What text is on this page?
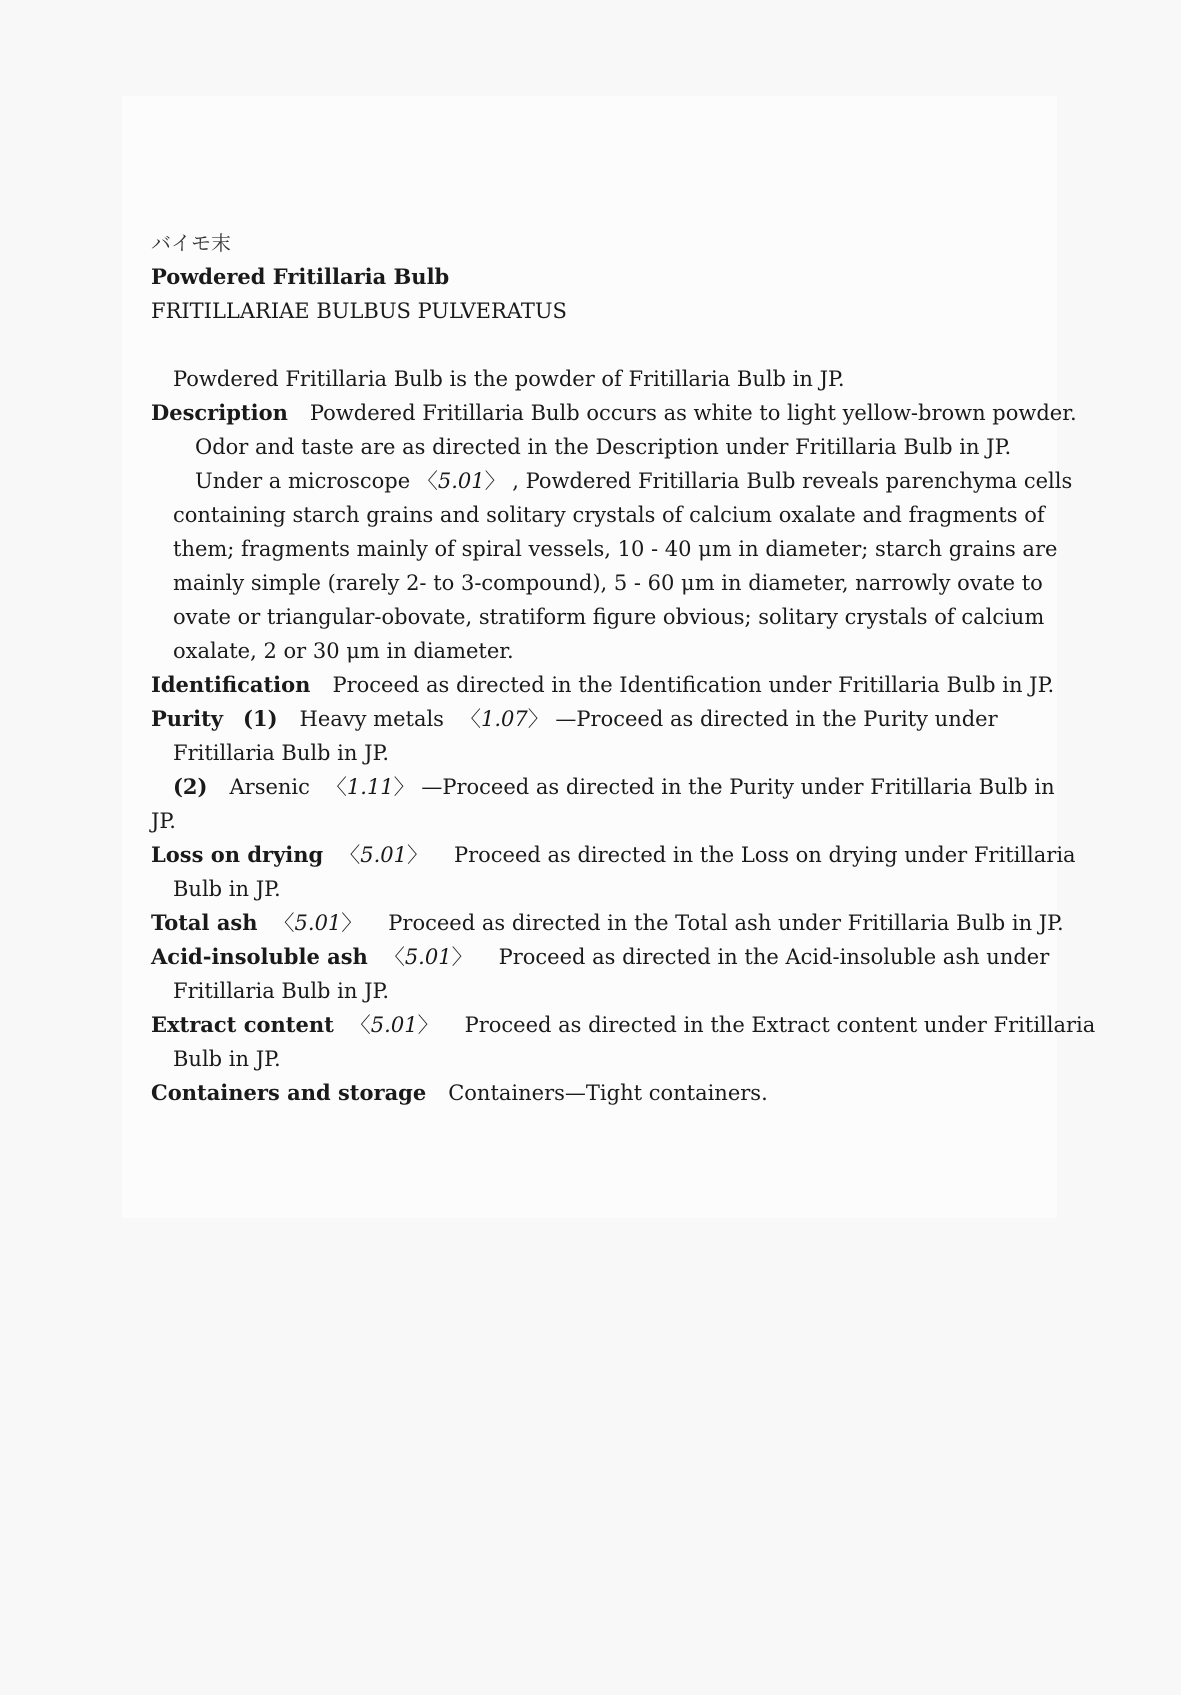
バイモ末
Powdered Fritillaria Bulb
FRITILLARIAE BULBUS PULVERATUS
Powdered Fritillaria Bulb is the powder of Fritillaria Bulb in JP.
Description Powdered Fritillaria Bulb occurs as white to light yellow-brown powder.
Odor and taste are as directed in the Description under Fritillaria Bulb in JP.
Under a microscope 〈5.01〉 , Powdered Fritillaria Bulb reveals parenchyma cells
containing starch grains and solitary crystals of calcium oxalate and fragments of
them; fragments mainly of spiral vessels, 10 - 40 μm in diameter; starch grains are
mainly simple (rarely 2- to 3-compound), 5 - 60 μm in diameter, narrowly ovate to
ovate or triangular-obovate, stratiform figure obvious; solitary crystals of calcium
oxalate, 2 or 30 μm in diameter.
Identification Proceed as directed in the Identification under Fritillaria Bulb in JP.
Purity (1) Heavy metals 〈1.07〉 —Proceed as directed in the Purity under
Fritillaria Bulb in JP.
(2) Arsenic 〈1.11〉 —Proceed as directed in the Purity under Fritillaria Bulb in
JP.
Loss on drying 〈5.01〉 Proceed as directed in the Loss on drying under Fritillaria
Bulb in JP.
Total ash 〈5.01〉 Proceed as directed in the Total ash under Fritillaria Bulb in JP.
Acid-insoluble ash 〈5.01〉 Proceed as directed in the Acid-insoluble ash under
Fritillaria Bulb in JP.
Extract content 〈5.01〉 Proceed as directed in the Extract content under Fritillaria
Bulb in JP.
Containers and storage Containers—Tight containers.
